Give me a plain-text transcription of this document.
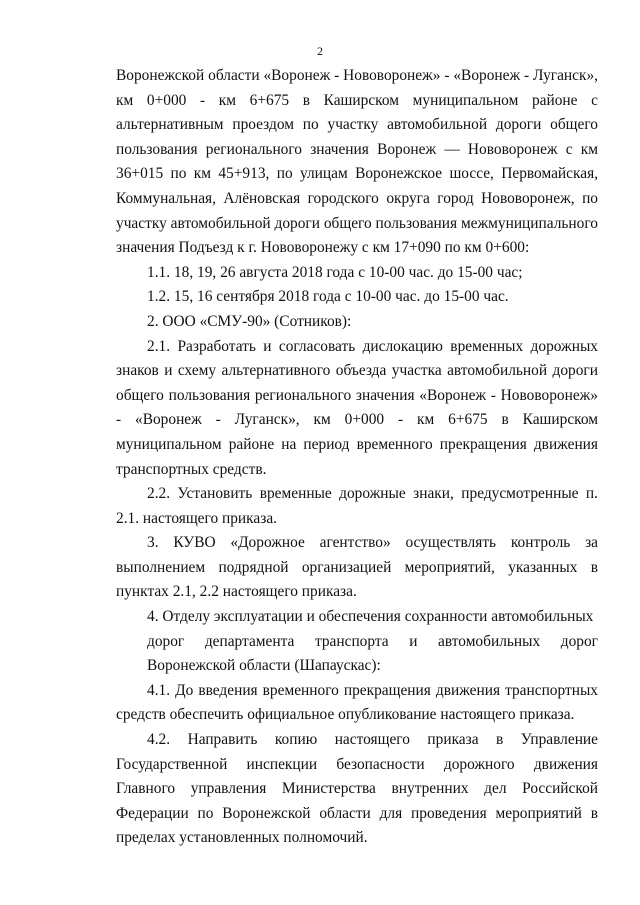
2

Воронежской области «Воронеж - Нововоронеж» - «Воронеж - Луганск», км 0+000 - км 6+675 в Каширском муниципальном районе с альтернативным проездом по участку автомобильной дороги общего пользования регионального значения Воронеж — Нововоронеж с км 36+015 по км 45+913, по улицам Воронежское шоссе, Первомайская, Коммунальная, Алёновская городского округа город Нововоронеж, по участку автомобильной дороги общего пользования межмуниципального значения Подъезд к г. Нововоронежу с км 17+090 по км 0+600:

1.1. 18, 19, 26 августа 2018 года с 10-00 час. до 15-00 час;

1.2. 15, 16 сентября 2018 года с 10-00 час. до 15-00 час.

2. ООО «СМУ-90» (Сотников):

2.1. Разработать и согласовать дислокацию временных дорожных знаков и схему альтернативного объезда участка автомобильной дороги общего пользования регионального значения «Воронеж - Нововоронеж» - «Воронеж - Луганск», км 0+000 - км 6+675 в Каширском муниципальном районе на период временного прекращения движения транспортных средств.

2.2. Установить временные дорожные знаки, предусмотренные п. 2.1. настоящего приказа.

3. КУВО «Дорожное агентство» осуществлять контроль за выполнением подрядной организацией мероприятий, указанных в пунктах 2.1, 2.2 настоящего приказа.

4. Отделу эксплуатации и обеспечения сохранности автомобильных
дорог департамента транспорта и автомобильных дорог Воронежской области (Шапаускас):

4.1. До введения временного прекращения движения транспортных средств обеспечить официальное опубликование настоящего приказа.

4.2. Направить копию настоящего приказа в Управление Государственной инспекции безопасности дорожного движения Главного управления Министерства внутренних дел Российской Федерации по Воронежской области для проведения мероприятий в пределах установленных полномочий.
